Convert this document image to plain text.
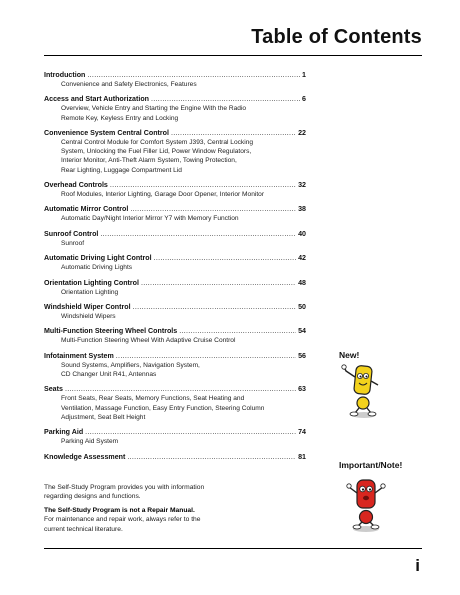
Table of Contents
Introduction .....	1
Convenience and Safety Electronics, Features
Access and Start Authorization .....	6
Overview, Vehicle Entry and Starting the Engine With the Radio
Remote Key, Keyless Entry and Locking
Convenience System Central Control .....	22
Central Control Module for Comfort System J393, Central Locking
System, Unlocking the Fuel Filler Lid, Power Window Regulators,
Interior Monitor, Anti-Theft Alarm System, Towing Protection,
Rear Lighting, Luggage Compartment Lid
Overhead Controls .....	32
Roof Modules, Interior Lighting, Garage Door Opener, Interior Monitor
Automatic Mirror Control .....	38
Automatic Day/Night Interior Mirror Y7 with Memory Function
Sunroof Control .....	40
Sunroof
Automatic Driving Light Control .....	42
Automatic Driving Lights
Orientation Lighting Control .....	48
Orientation Lighting
Windshield Wiper Control .....	50
Windshield Wipers
Multi-Function Steering Wheel Controls .....	54
Multi-Function Steering Wheel With Adaptive Cruise Control
Infotainment System .....	56
Sound Systems, Amplifiers, Navigation System,
CD Changer Unit R41, Antennas
Seats .....	63
Front Seats, Rear Seats, Memory Functions, Seat Heating and
Ventilation, Massage Function, Easy Entry Function, Steering Column
Adjustment, Seat Belt Height
Parking Aid .....	74
Parking Aid System
Knowledge Assessment .....	81

The Self-Study Program provides you with information
regarding designs and functions.

The Self-Study Program is not a Repair Manual.

For maintenance and repair work, always refer to the
current technical literature.

i
New!
Important/Note!
